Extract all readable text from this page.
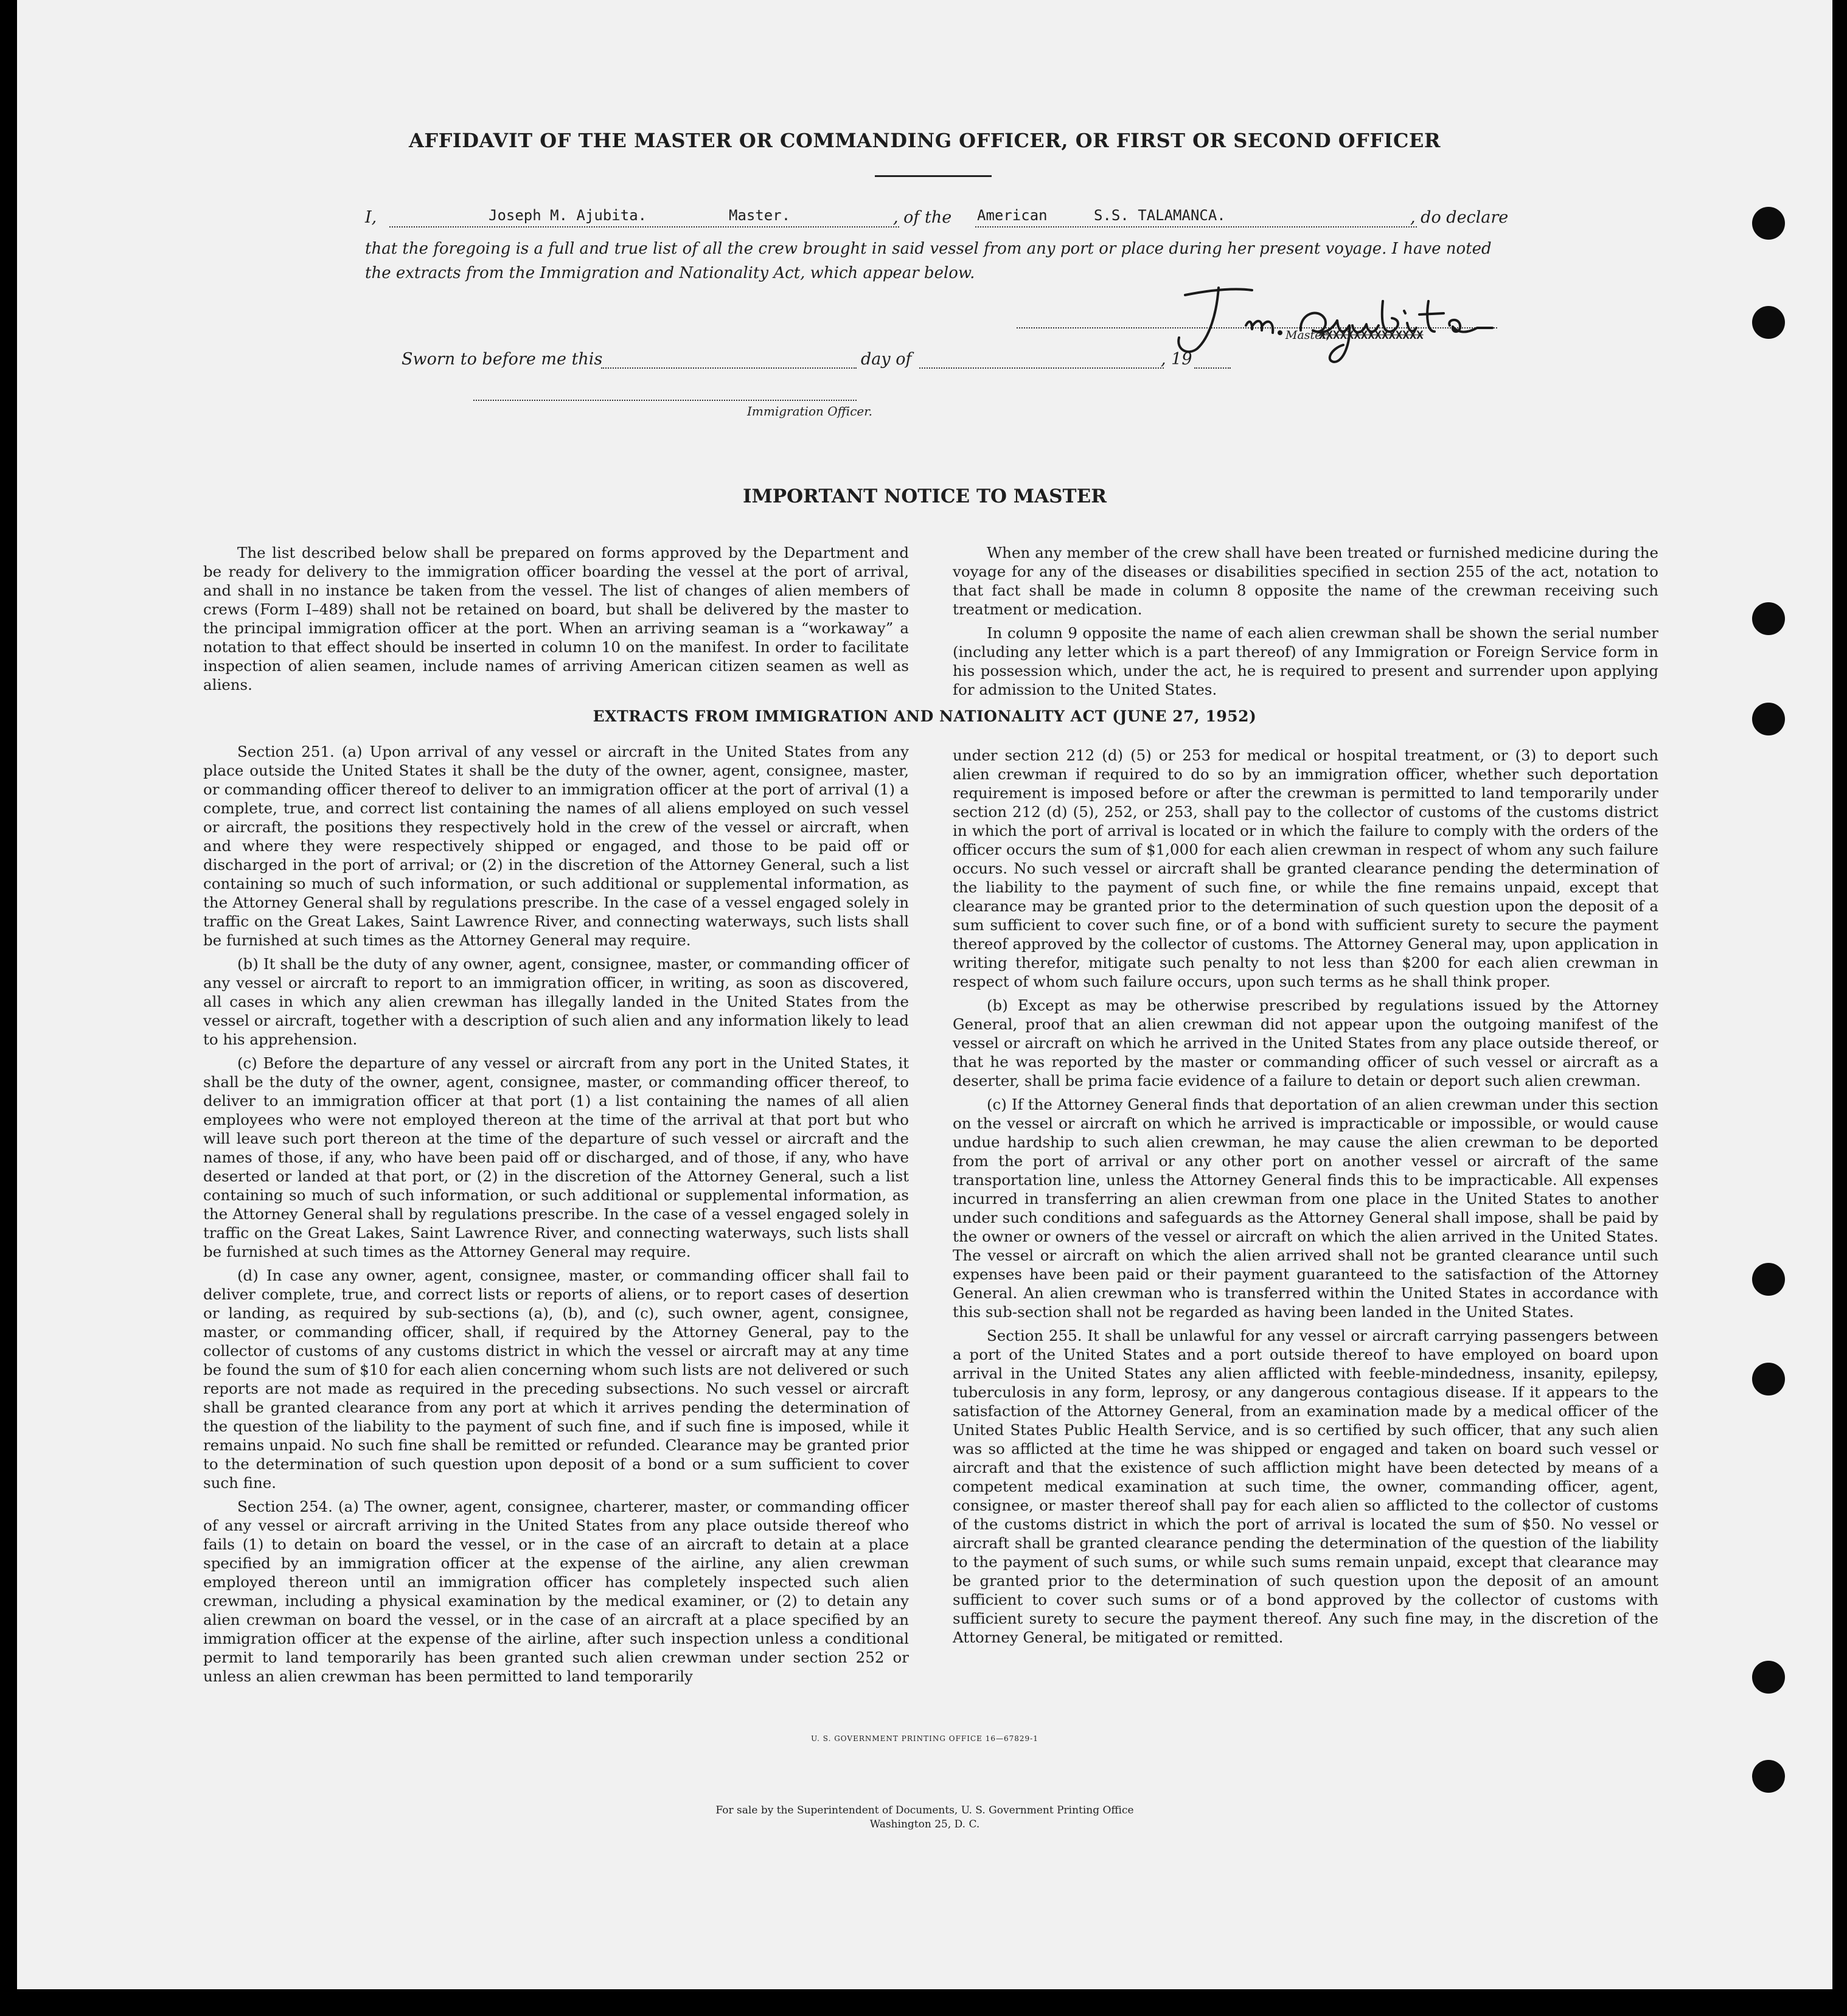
AFFIDAVIT OF THE MASTER OR COMMANDING OFFICER, OR FIRST OR SECOND OFFICER
I,	Joseph M. Ajubita.	Master.	, of the American	S.S. TALAMANCA.	, do declare
that the foregoing is a full and true list of all the crew brought in said vessel from any port or place during her present voyage. I have noted
the extracts from the Immigration and Nationality Act, which appear below.
Master,
XXXXXXXXXXXXXXX
Sworn to before me this	day of	, 19
Immigration Officer.
IMPORTANT NOTICE TO MASTER

The list described below shall be prepared on forms approved by the Department and be ready for delivery to the immigration officer boarding the vessel at the port of arrival, and shall in no instance be taken from the vessel. The list of changes of alien members of crews (Form I–489) shall not be retained on board, but shall be delivered by the master to the principal immigration officer at the port. When an arriving seaman is a “workaway” a notation to that effect should be inserted in column 10 on the manifest. In order to facilitate inspection of alien seamen, include names of arriving American citizen seamen as well as aliens.

When any member of the crew shall have been treated or furnished medicine during the voyage for any of the diseases or disabilities specified in section 255 of the act, notation to that fact shall be made in column 8 opposite the name of the crewman receiving such treatment or medication.

In column 9 opposite the name of each alien crewman shall be shown the serial number (including any letter which is a part thereof) of any Immigration or Foreign Service form in his possession which, under the act, he is required to present and surrender upon applying for admission to the United States.

EXTRACTS FROM IMMIGRATION AND NATIONALITY ACT (JUNE 27, 1952)

Section 251. (a) Upon arrival of any vessel or aircraft in the United States from any place outside the United States it shall be the duty of the owner, agent, consignee, master, or commanding officer thereof to deliver to an immigration officer at the port of arrival (1) a complete, true, and correct list containing the names of all aliens employed on such vessel or aircraft, the positions they respectively hold in the crew of the vessel or aircraft, when and where they were respectively shipped or engaged, and those to be paid off or discharged in the port of arrival; or (2) in the discretion of the Attorney General, such a list containing so much of such information, or such additional or supplemental information, as the Attorney General shall by regulations prescribe. In the case of a vessel engaged solely in traffic on the Great Lakes, Saint Lawrence River, and connecting waterways, such lists shall be furnished at such times as the Attorney General may require.

(b) It shall be the duty of any owner, agent, consignee, master, or commanding officer of any vessel or aircraft to report to an immigration officer, in writing, as soon as discovered, all cases in which any alien crewman has illegally landed in the United States from the vessel or aircraft, together with a description of such alien and any information likely to lead to his apprehension.

(c) Before the departure of any vessel or aircraft from any port in the United States, it shall be the duty of the owner, agent, consignee, master, or commanding officer thereof, to deliver to an immigration officer at that port (1) a list containing the names of all alien employees who were not employed thereon at the time of the arrival at that port but who will leave such port thereon at the time of the departure of such vessel or aircraft and the names of those, if any, who have been paid off or discharged, and of those, if any, who have deserted or landed at that port, or (2) in the discretion of the Attorney General, such a list containing so much of such information, or such additional or supplemental information, as the Attorney General shall by regulations prescribe. In the case of a vessel engaged solely in traffic on the Great Lakes, Saint Lawrence River, and connecting waterways, such lists shall be furnished at such times as the Attorney General may require.

(d) In case any owner, agent, consignee, master, or commanding officer shall fail to deliver complete, true, and correct lists or reports of aliens, or to report cases of desertion or landing, as required by sub-sections (a), (b), and (c), such owner, agent, consignee, master, or commanding officer, shall, if required by the Attorney General, pay to the collector of customs of any customs district in which the vessel or aircraft may at any time be found the sum of $10 for each alien concerning whom such lists are not delivered or such reports are not made as required in the preceding subsections. No such vessel or aircraft shall be granted clearance from any port at which it arrives pending the determination of the question of the liability to the payment of such fine, and if such fine is imposed, while it remains unpaid. No such fine shall be remitted or refunded. Clearance may be granted prior to the determination of such question upon deposit of a bond or a sum sufficient to cover such fine.

Section 254. (a) The owner, agent, consignee, charterer, master, or commanding officer of any vessel or aircraft arriving in the United States from any place outside thereof who fails (1) to detain on board the vessel, or in the case of an aircraft to detain at a place specified by an immigration officer at the expense of the airline, any alien crewman employed thereon until an immigration officer has completely inspected such alien crewman, including a physical examination by the medical examiner, or (2) to detain any alien crewman on board the vessel, or in the case of an aircraft at a place specified by an immigration officer at the expense of the airline, after such inspection unless a conditional permit to land temporarily has been granted such alien crewman under section 252 or unless an alien crewman has been permitted to land temporarily

under section 212 (d) (5) or 253 for medical or hospital treatment, or (3) to deport such alien crewman if required to do so by an immigration officer, whether such deportation requirement is imposed before or after the crewman is permitted to land temporarily under section 212 (d) (5), 252, or 253, shall pay to the collector of customs of the customs district in which the port of arrival is located or in which the failure to comply with the orders of the officer occurs the sum of $1,000 for each alien crewman in respect of whom any such failure occurs. No such vessel or aircraft shall be granted clearance pending the determination of the liability to the payment of such fine, or while the fine remains unpaid, except that clearance may be granted prior to the determination of such question upon the deposit of a sum sufficient to cover such fine, or of a bond with sufficient surety to secure the payment thereof approved by the collector of customs. The Attorney General may, upon application in writing therefor, mitigate such penalty to not less than $200 for each alien crewman in respect of whom such failure occurs, upon such terms as he shall think proper.

(b) Except as may be otherwise prescribed by regulations issued by the Attorney General, proof that an alien crewman did not appear upon the outgoing manifest of the vessel or aircraft on which he arrived in the United States from any place outside thereof, or that he was reported by the master or commanding officer of such vessel or aircraft as a deserter, shall be prima facie evidence of a failure to detain or deport such alien crewman.

(c) If the Attorney General finds that deportation of an alien crewman under this section on the vessel or aircraft on which he arrived is impracticable or impossible, or would cause undue hardship to such alien crewman, he may cause the alien crewman to be deported from the port of arrival or any other port on another vessel or aircraft of the same transportation line, unless the Attorney General finds this to be impracticable. All expenses incurred in transferring an alien crewman from one place in the United States to another under such conditions and safeguards as the Attorney General shall impose, shall be paid by the owner or owners of the vessel or aircraft on which the alien arrived in the United States. The vessel or aircraft on which the alien arrived shall not be granted clearance until such expenses have been paid or their payment guaranteed to the satisfaction of the Attorney General. An alien crewman who is transferred within the United States in accordance with this sub-section shall not be regarded as having been landed in the United States.

Section 255. It shall be unlawful for any vessel or aircraft carrying passengers between a port of the United States and a port outside thereof to have employed on board upon arrival in the United States any alien afflicted with feeble-mindedness, insanity, epilepsy, tuberculosis in any form, leprosy, or any dangerous contagious disease. If it appears to the satisfaction of the Attorney General, from an examination made by a medical officer of the United States Public Health Service, and is so certified by such officer, that any such alien was so afflicted at the time he was shipped or engaged and taken on board such vessel or aircraft and that the existence of such affliction might have been detected by means of a competent medical examination at such time, the owner, commanding officer, agent, consignee, or master thereof shall pay for each alien so afflicted to the collector of customs of the customs district in which the port of arrival is located the sum of $50. No vessel or aircraft shall be granted clearance pending the determination of the question of the liability to the payment of such sums, or while such sums remain unpaid, except that clearance may be granted prior to the determination of such question upon the deposit of an amount sufficient to cover such sums or of a bond approved by the collector of customs with sufficient surety to secure the payment thereof. Any such fine may, in the discretion of the Attorney General, be mitigated or remitted.

U. S. GOVERNMENT PRINTING OFFICE 16—67829-1
For sale by the Superintendent of Documents, U. S. Government Printing Office
Washington 25, D. C.
